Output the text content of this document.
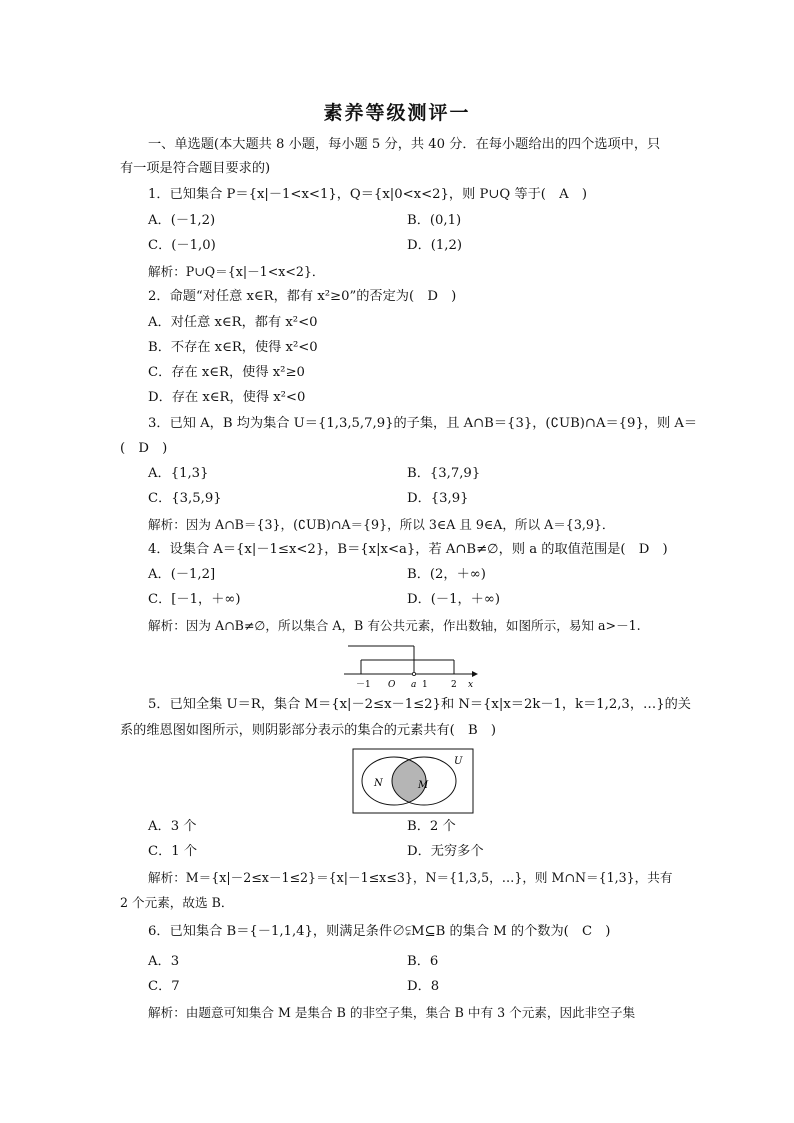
素养等级测评一
一、单选题(本大题共 8 小题，每小题 5 分，共 40 分．在每小题给出的四个选项中，只
有一项是符合题目要求的)
1．已知集合 P＝{x|－1<x<1}，Q＝{x|0<x<2}，则 P∪Q 等于(　A　)
A．(－1,2)	B．(0,1)
C．(－1,0)	D．(1,2)
解析：P∪Q＝{x|－1<x<2}．
2．命题“对任意 x∈R，都有 x²≥0”的否定为(　D　)
A．对任意 x∈R，都有 x²<0
B．不存在 x∈R，使得 x²<0
C．存在 x∈R，使得 x²≥0
D．存在 x∈R，使得 x²<0
3．已知 A，B 均为集合 U＝{1,3,5,7,9}的子集，且 A∩B＝{3}，(∁UB)∩A＝{9}，则 A＝
(　D　)
A．{1,3}	B．{3,7,9}
C．{3,5,9}	D．{3,9}
解析：因为 A∩B＝{3}，(∁UB)∩A＝{9}，所以 3∈A 且 9∈A，所以 A＝{3,9}．
4．设集合 A＝{x|－1≤x<2}，B＝{x|x<a}，若 A∩B≠∅，则 a 的取值范围是(　D　)
A．(－1,2]	B．(2，＋∞)
C．[－1，＋∞)	D．(－1，＋∞)
解析：因为 A∩B≠∅，所以集合 A，B 有公共元素，作出数轴，如图所示，易知 a>－1.
－1 O a 1	2 x
5．已知全集 U＝R，集合 M＝{x|－2≤x－1≤2}和 N＝{x|x＝2k－1，k＝1,2,3，…}的关
系的维恩图如图所示，则阴影部分表示的集合的元素共有(　B　)
U
N	M
A．3 个	B．2 个
C．1 个	D．无穷多个
解析：M＝{x|－2≤x－1≤2}＝{x|－1≤x≤3}，N＝{1,3,5，…}，则 M∩N＝{1,3}，共有
2 个元素，故选 B．
6．已知集合 B＝{－1,1,4}，则满足条件∅⫋M⊆B 的集合 M 的个数为(　C　)
A．3	B．6
C．7	D．8
解析：由题意可知集合 M 是集合 B 的非空子集，集合 B 中有 3 个元素，因此非空子集
